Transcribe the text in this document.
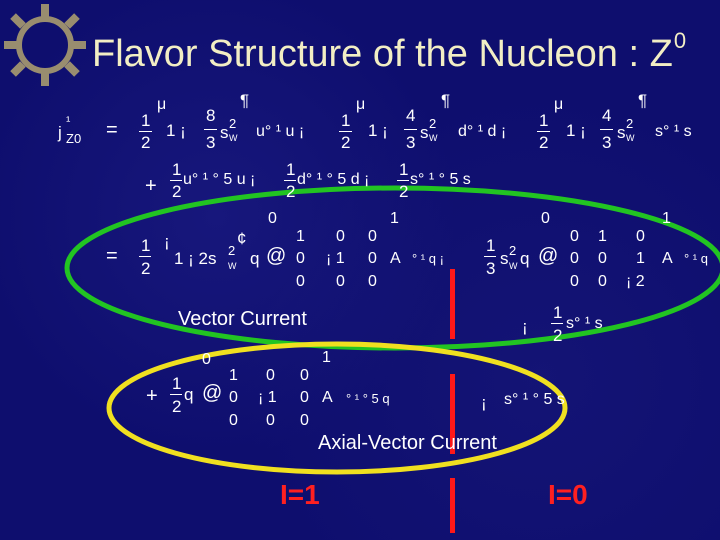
Flavor Structure of the Nucleon : $Z^0$
j
¹
Z0 =
μ
1
2
1 ¡
8
¶
3
s 2
W u° ¹ u ¡
μ
1
2
1 ¡
4
¶
3
s 2
W d° ¹ d ¡
μ
1
2
1 ¡
4
¶
3
s 2
W s° ¹ s
+
1
2
u° ¹ ° 5 u ¡
1
2
d° ¹ ° 5 d ¡
1
2
s° ¹ ° 5 s
= 1 ¡
2
1 ¡ 2s 2
W
¢
q @
0
1 0 0
0 ¡ 1 0
0 0 0
1
A ° ¹ q ¡
1
3
s 2
W q @
0
0 1 0
0 0 1
0 0 ¡ 2
1
A ° ¹ q
¡
1
2
s° ¹ s
Vector Current
Axial-Vector Current
+
1
2
q @
0
1 0 0
0 ¡ 1 0
0 0 0
1
A ° ¹ ° 5 q	¡ s° ¹ ° 5 s
I=1	I=0
